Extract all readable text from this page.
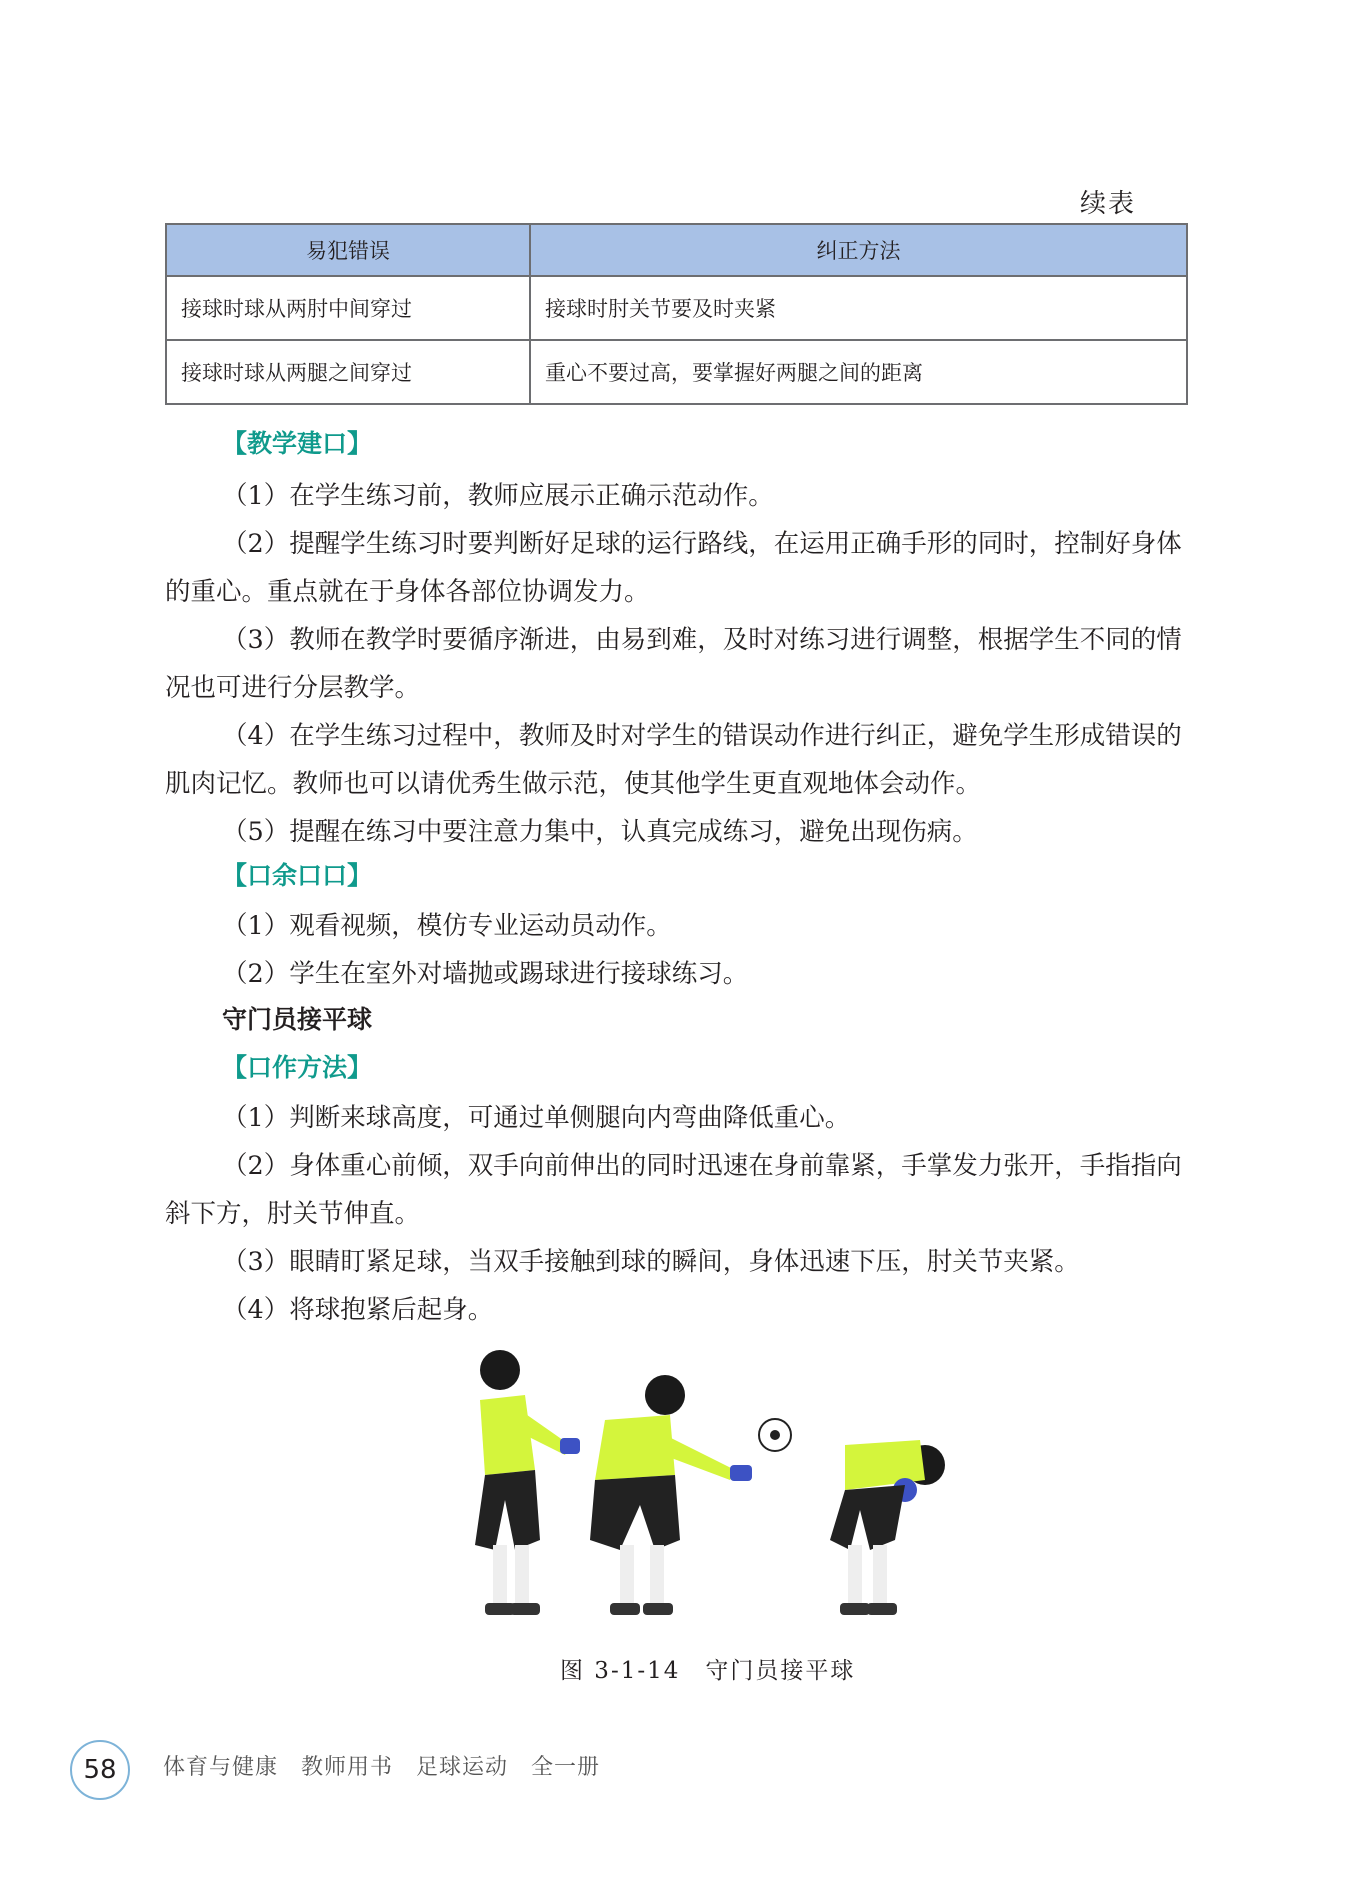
续表
易犯错误	纠正方法
接球时球从两肘中间穿过	接球时肘关节要及时夹紧
接球时球从两腿之间穿过	重心不要过高，要掌握好两腿之间的距离
【教学建口】

（1）在学生练习前，教师应展示正确示范动作。

（2）提醒学生练习时要判断好足球的运行路线，在运用正确手形的同时，控制好身体的重心。重点就在于身体各部位协调发力。

（3）教师在教学时要循序渐进，由易到难，及时对练习进行调整，根据学生不同的情况也可进行分层教学。

（4）在学生练习过程中，教师及时对学生的错误动作进行纠正，避免学生形成错误的肌肉记忆。教师也可以请优秀生做示范，使其他学生更直观地体会动作。

（5）提醒在练习中要注意力集中，认真完成练习，避免出现伤病。

【口余口口】

（1）观看视频，模仿专业运动员动作。

（2）学生在室外对墙抛或踢球进行接球练习。

守门员接平球
【口作方法】

（1）判断来球高度，可通过单侧腿向内弯曲降低重心。

（2）身体重心前倾，双手向前伸出的同时迅速在身前靠紧，手掌发力张开，手指指向斜下方，肘关节伸直。

（3）眼睛盯紧足球，当双手接触到球的瞬间，身体迅速下压，肘关节夹紧。

（4）将球抱紧后起身。

图 3-1-14　守门员接平球
58	体育与健康　教师用书　足球运动　全一册
